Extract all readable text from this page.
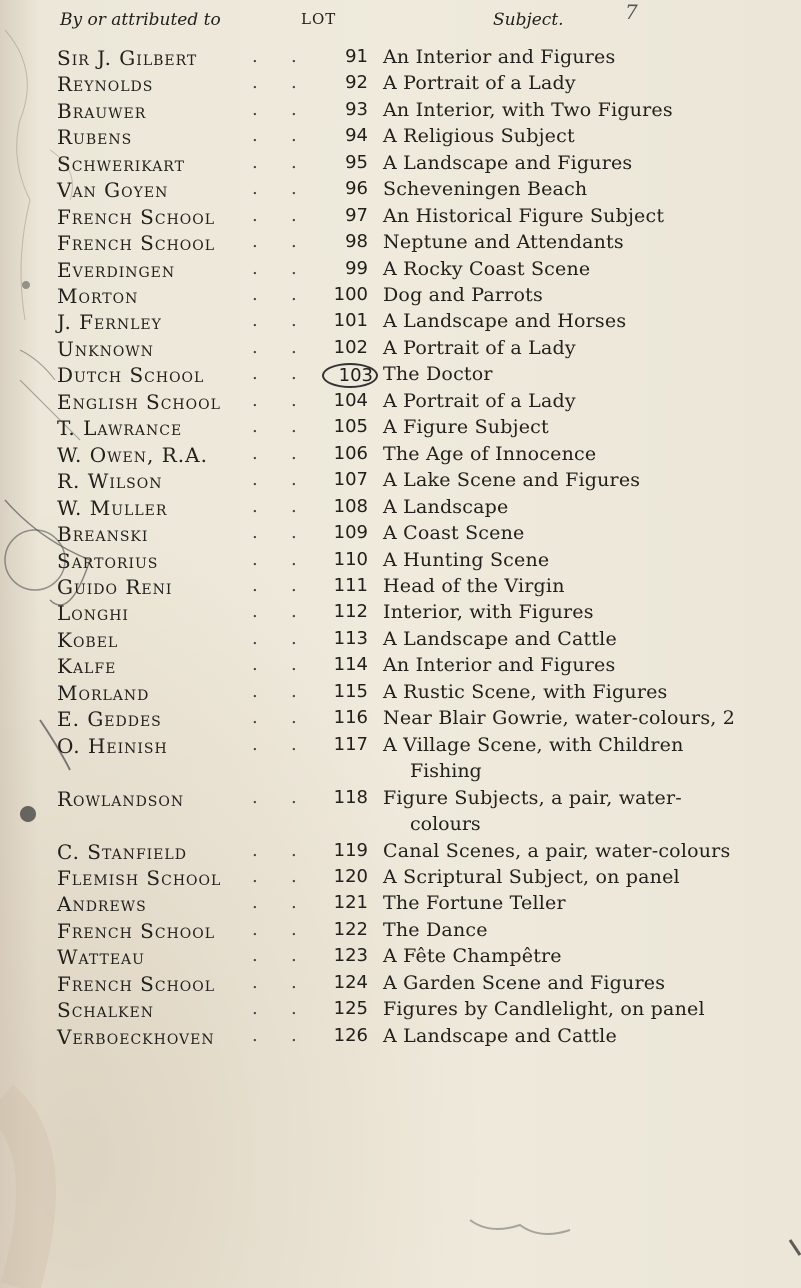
7
By or attributed to	LOT	Subject.
Sir J. Gilbert	. .	91 An Interior and Figures
Reynolds	. .	92 A Portrait of a Lady
Brauwer	. .	93 An Interior, with Two Figures
Rubens	. .	94 A Religious Subject
Schwerikart	. .	95 A Landscape and Figures
Van Goyen	. .	96 Scheveningen Beach
French School . .	97 An Historical Figure Subject
French School . .	98 Neptune and Attendants
Everdingen	. .	99 A Rocky Coast Scene
Morton	. .	100 Dog and Parrots
J. Fernley	. .	101 A Landscape and Horses
Unknown	. .	102 A Portrait of a Lady
Dutch School	. .	103 The Doctor
English School . .	104 A Portrait of a Lady
T. Lawrance	. .	105 A Figure Subject
W. Owen, R.A. . .	106 The Age of Innocence
R. Wilson	. .	107 A Lake Scene and Figures
W. Muller	. .	108 A Landscape
Breanski	. .	109 A Coast Scene
Sartorius	. .	110 A Hunting Scene
Guido Reni	. .	111 Head of the Virgin
Longhi	. .	112 Interior, with Figures
Kobel	. .	113 A Landscape and Cattle
Kalfe	. .	114 An Interior and Figures
Morland	. .	115 A Rustic Scene, with Figures
E. Geddes	. .	116 Near Blair Gowrie, water-colours, 2
O. Heinish	. .	117 A Village Scene, with Children
Fishing
Rowlandson	. .	118 Figure Subjects, a pair, water-
colours
C. Stanfield	. .	119 Canal Scenes, a pair, water-colours
Flemish School . .	120 A Scriptural Subject, on panel
Andrews	. .	121 The Fortune Teller
French School . .	122 The Dance
Watteau	. .	123 A Fête Champêtre
French School . .	124 A Garden Scene and Figures
Schalken	. .	125 Figures by Candlelight, on panel
Verboeckhoven . .	126 A Landscape and Cattle
